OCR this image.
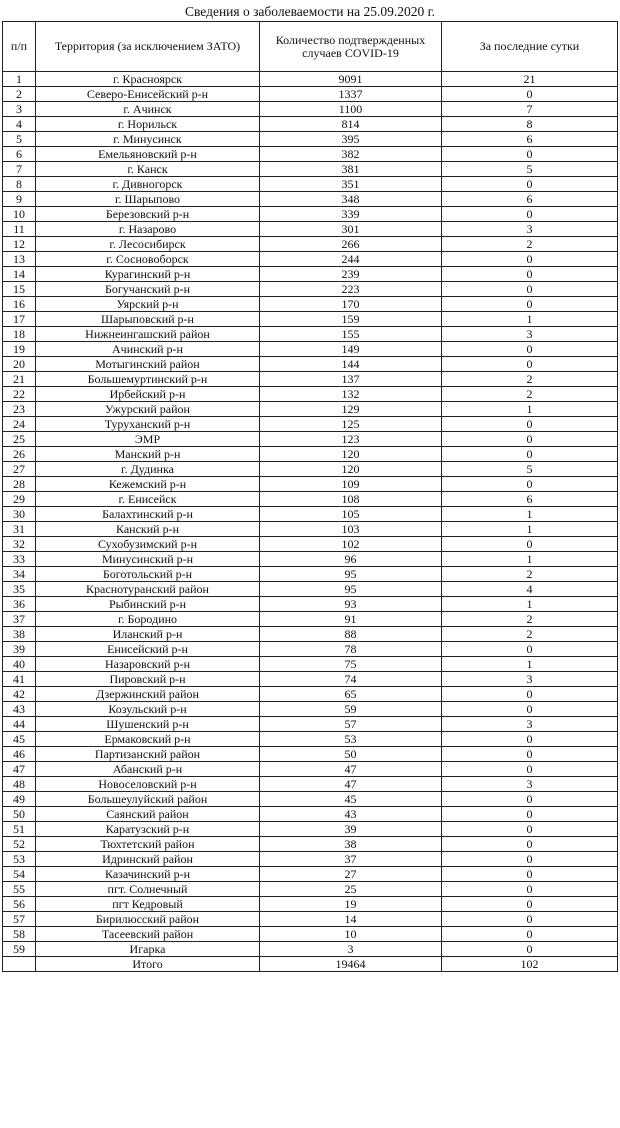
Сведения о заболеваемости на 25.09.2020 г.
п/п	Территория (за исключением ЗАТО)	Количество подтвержденных случаев COVID-19	За последние сутки
1	г. Красноярск	9091	21
2	Северо-Енисейский р-н	1337	0
3	г. Ачинск	1100	7
4	г. Норильск	814	8
5	г. Минусинск	395	6
6	Емельяновский р-н	382	0
7	г. Канск	381	5
8	г. Дивногорск	351	0
9	г. Шарыпово	348	6
10	Березовский р-н	339	0
11	г. Назарово	301	3
12	г. Лесосибирск	266	2
13	г. Сосновоборск	244	0
14	Курагинский р-н	239	0
15	Богучанский р-н	223	0
16	Уярский р-н	170	0
17	Шарыповский р-н	159	1
18	Нижнеингашский район	155	3
19	Ачинский р-н	149	0
20	Мотыгинский район	144	0
21	Большемуртинский р-н	137	2
22	Ирбейский р-н	132	2
23	Ужурский район	129	1
24	Туруханский р-н	125	0
25	ЭМР	123	0
26	Манский р-н	120	0
27	г. Дудинка	120	5
28	Кежемский р-н	109	0
29	г. Енисейск	108	6
30	Балахтинский р-н	105	1
31	Канский р-н	103	1
32	Сухобузимский р-н	102	0
33	Минусинский р-н	96	1
34	Боготольский р-н	95	2
35	Краснотуранский район	95	4
36	Рыбинский р-н	93	1
37	г. Бородино	91	2
38	Иланский р-н	88	2
39	Енисейский р-н	78	0
40	Назаровский р-н	75	1
41	Пировский р-н	74	3
42	Дзержинский район	65	0
43	Козульский р-н	59	0
44	Шушенский р-н	57	3
45	Ермаковский р-н	53	0
46	Партизанский район	50	0
47	Абанский р-н	47	0
48	Новоселовский р-н	47	3
49	Большеулуйский район	45	0
50	Саянский район	43	0
51	Каратузский р-н	39	0
52	Тюхтетский район	38	0
53	Идринский район	37	0
54	Казачинский р-н	27	0
55	пгт. Солнечный	25	0
56	пгт Кедровый	19	0
57	Бирилюсский район	14	0
58	Тасеевский район	10	0
59	Игарка	3	0
	Итого	19464	102
